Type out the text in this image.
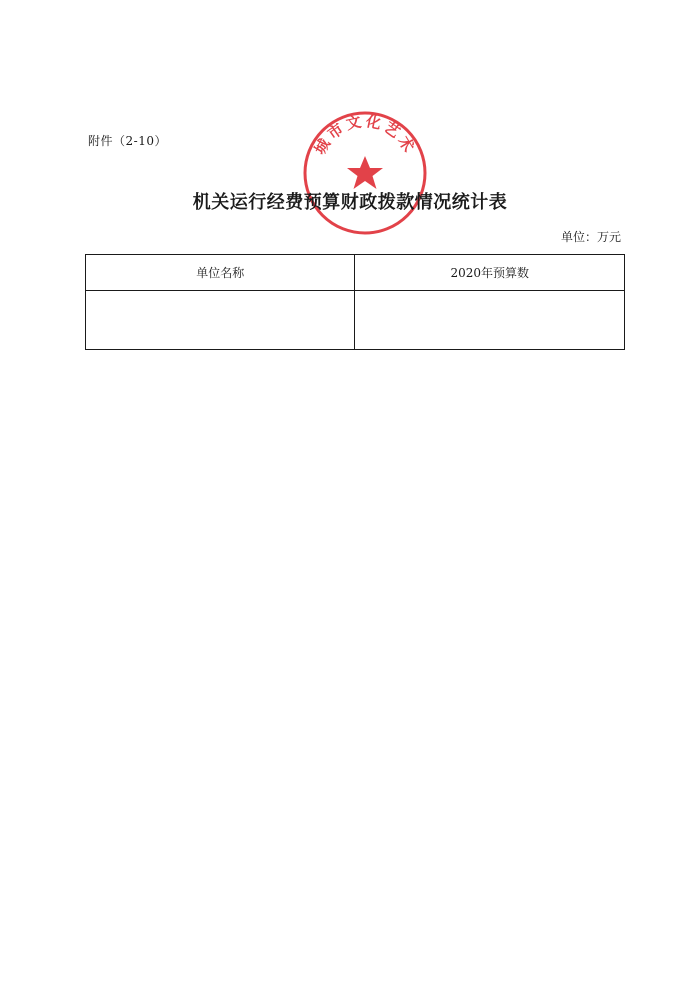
附件（2-10）	城市文化艺术
机关运行经费预算财政拨款情况统计表
单位：万元
单位名称	2020年预算数
